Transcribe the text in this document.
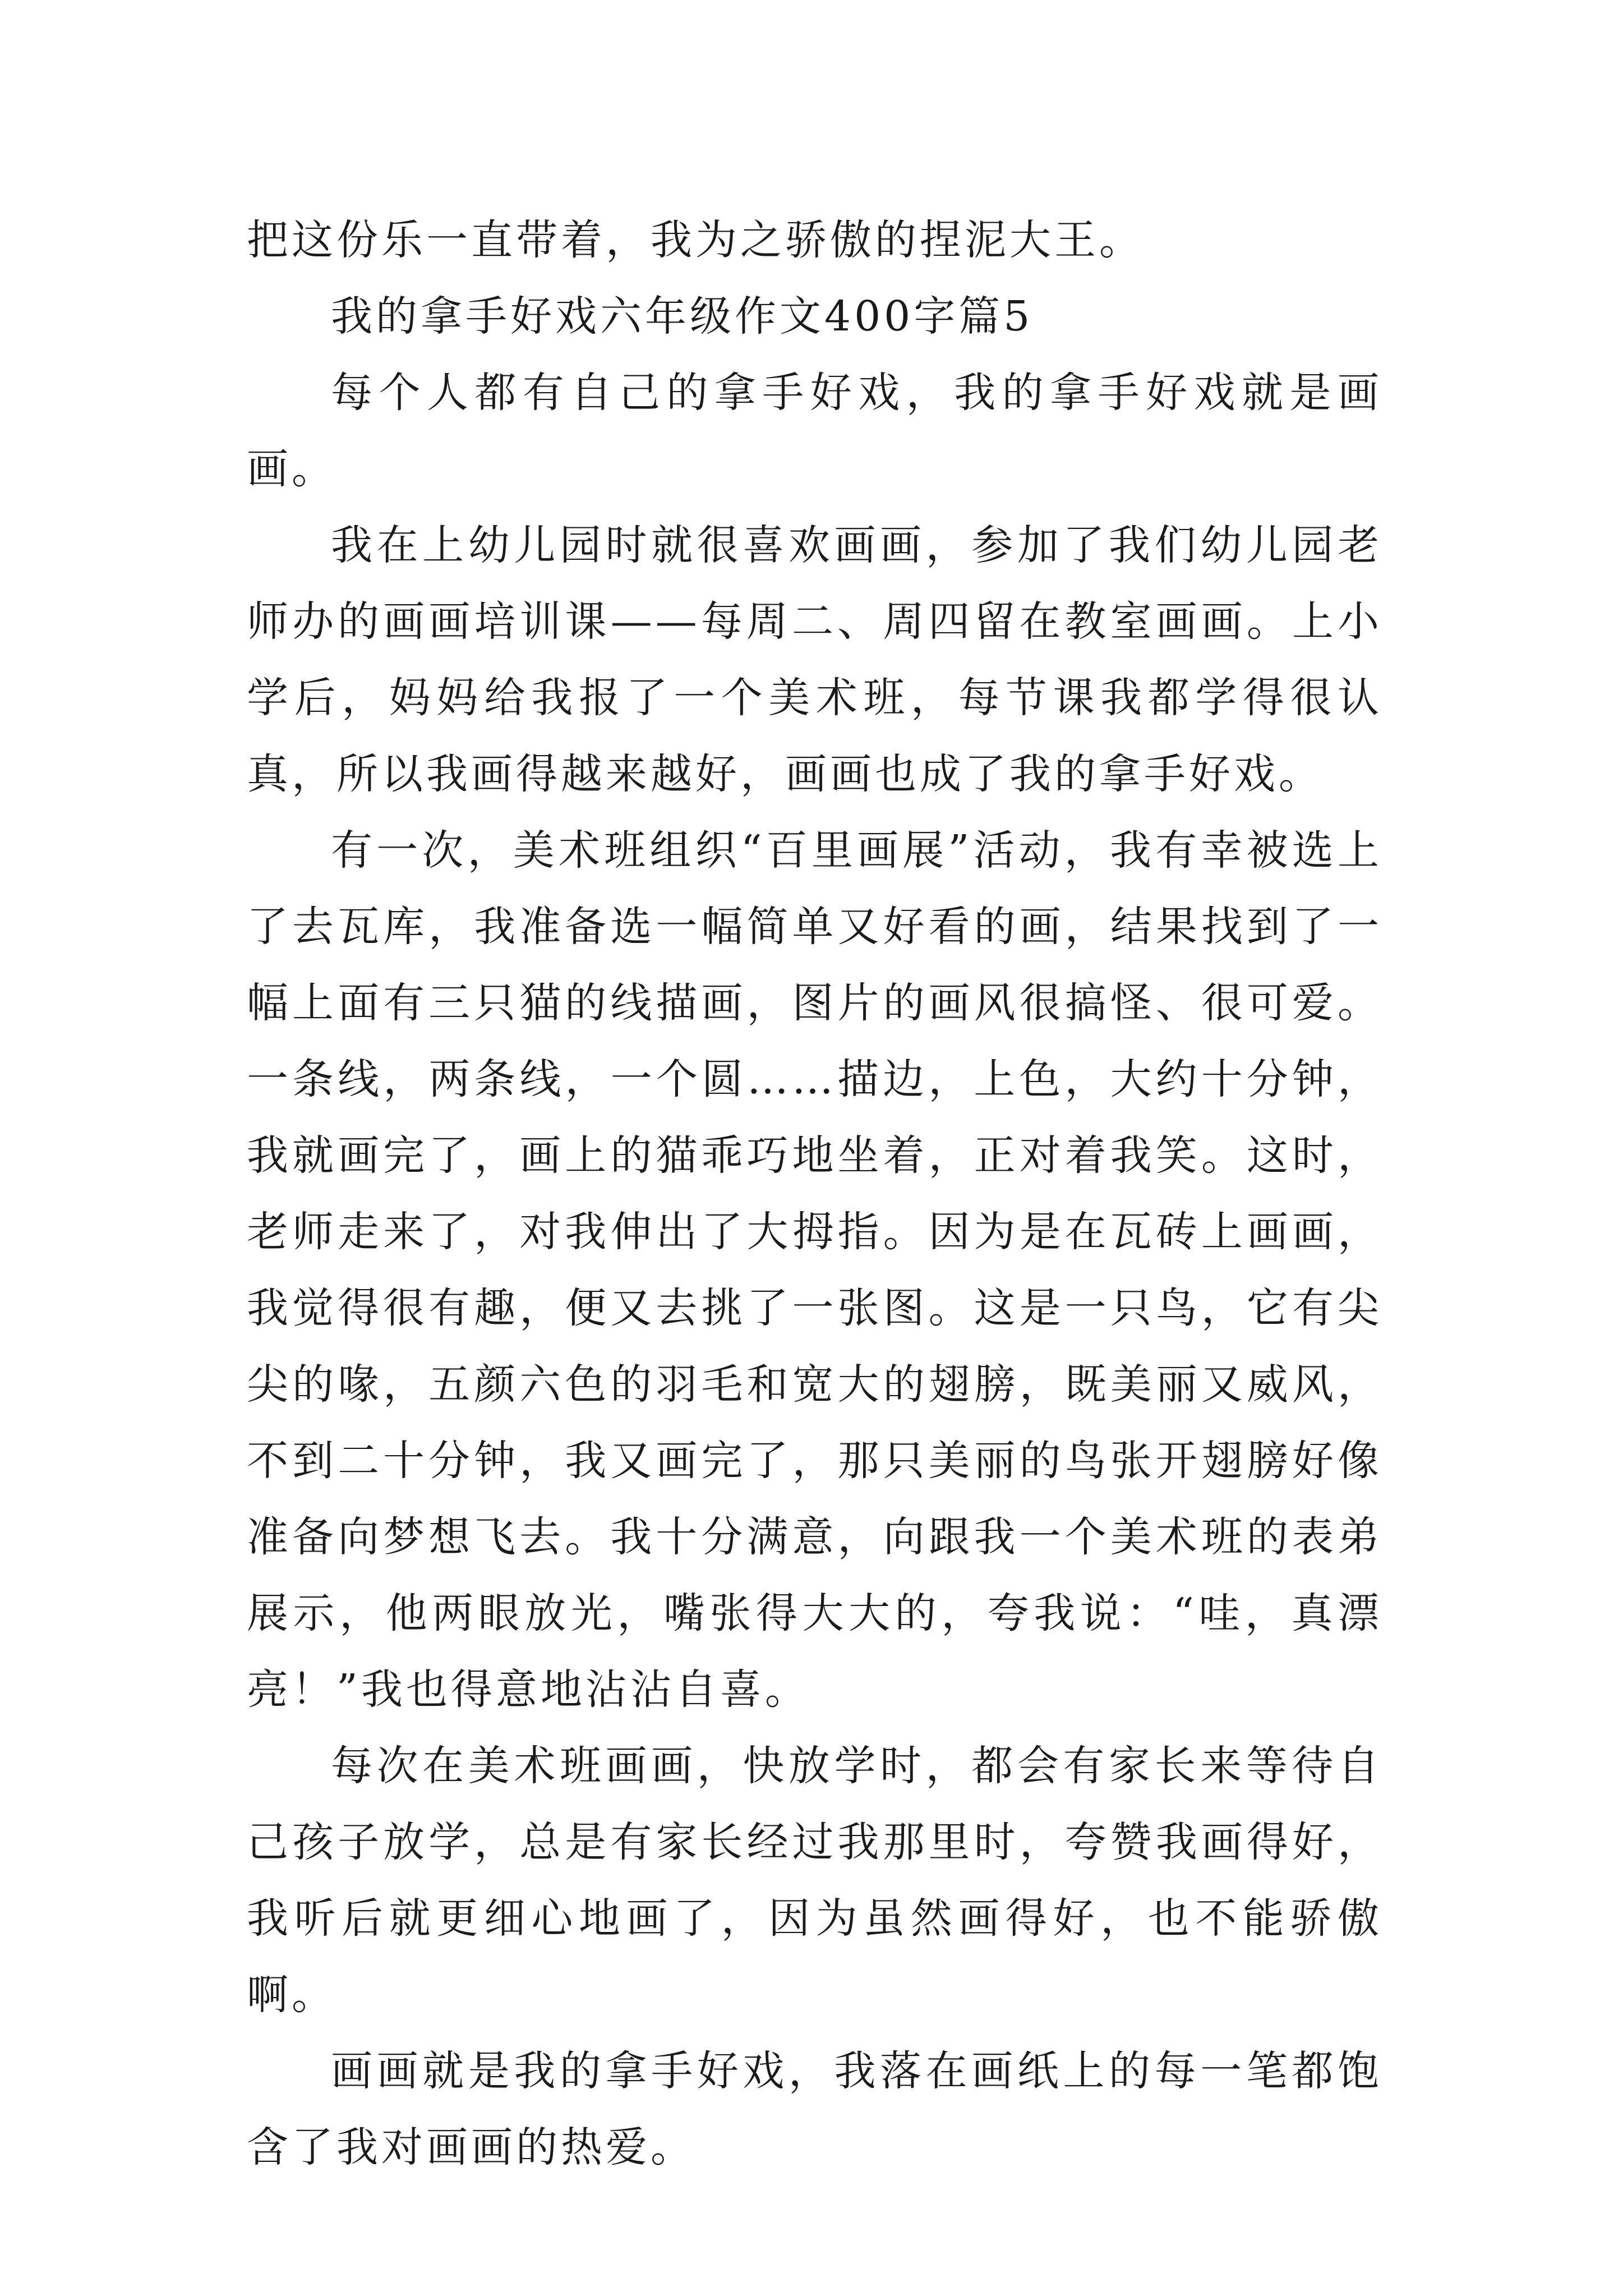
把这份乐一直带着，我为之骄傲的捏泥大王。

我的拿手好戏六年级作文400字篇5

每个人都有自己的拿手好戏，我的拿手好戏就是画画。

我在上幼儿园时就很喜欢画画，参加了我们幼儿园老师办的画画培训课——每周二、周四留在教室画画。上小学后，妈妈给我报了一个美术班，每节课我都学得很认真，所以我画得越来越好，画画也成了我的拿手好戏。

有一次，美术班组织“百里画展”活动，我有幸被选上了去瓦库，我准备选一幅简单又好看的画，结果找到了一幅上面有三只猫的线描画，图片的画风很搞怪、很可爱。一条线，两条线，一个圆……描边，上色，大约十分钟，我就画完了，画上的猫乖巧地坐着，正对着我笑。这时，老师走来了，对我伸出了大拇指。因为是在瓦砖上画画，我觉得很有趣，便又去挑了一张图。这是一只鸟，它有尖尖的喙，五颜六色的羽毛和宽大的翅膀，既美丽又威风，不到二十分钟，我又画完了，那只美丽的鸟张开翅膀好像准备向梦想飞去。我十分满意，向跟我一个美术班的表弟展示，他两眼放光，嘴张得大大的，夸我说：“哇，真漂亮！”我也得意地沾沾自喜。

每次在美术班画画，快放学时，都会有家长来等待自己孩子放学，总是有家长经过我那里时，夸赞我画得好，我听后就更细心地画了，因为虽然画得好，也不能骄傲啊。

画画就是我的拿手好戏，我落在画纸上的每一笔都饱含了我对画画的热爱。
